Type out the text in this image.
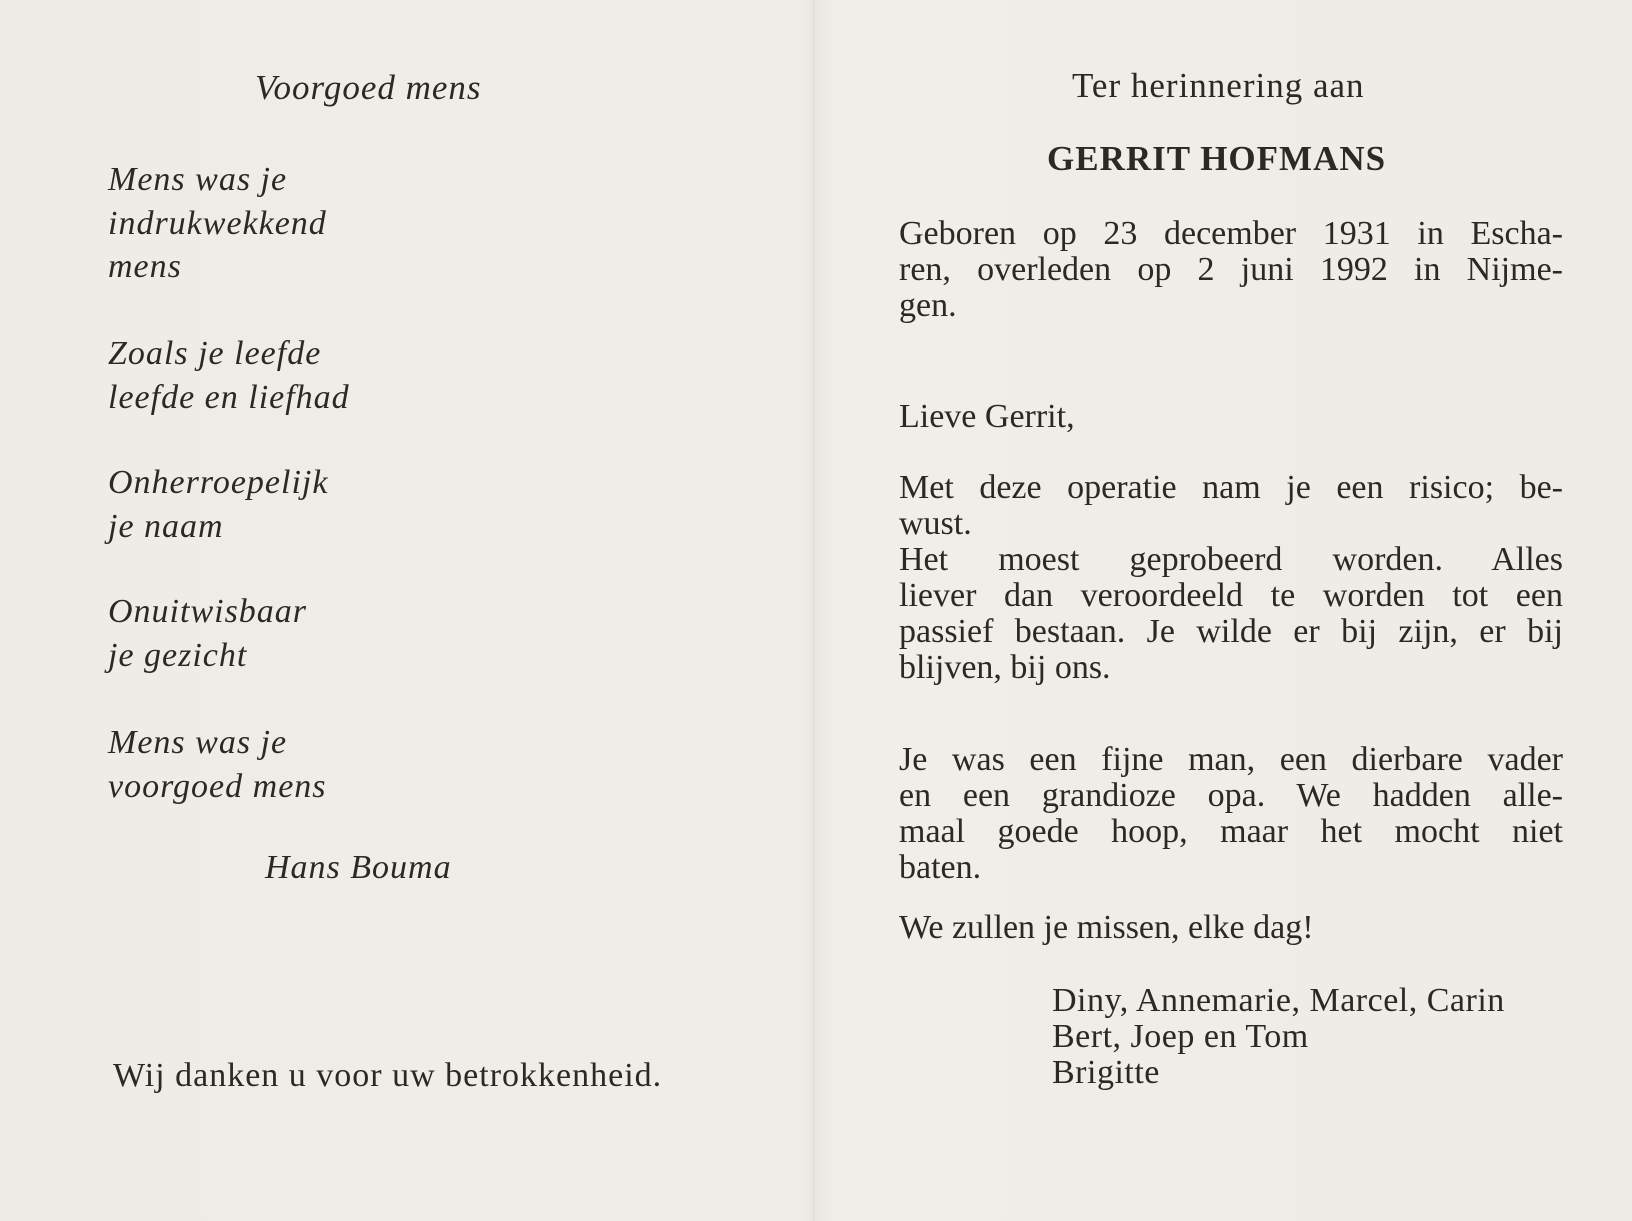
Voorgoed mens
Mens was je
indrukwekkend
mens
Zoals je leefde
leefde en liefhad
Onherroepelijk
je naam
Onuitwisbaar
je gezicht
Mens was je
voorgoed mens
Hans Bouma
Wij danken u voor uw betrokkenheid.
Ter herinnering aan
GERRIT HOFMANS
Geboren op 23 december 1931 in Escha-
ren, overleden op 2 juni 1992 in Nijme-
gen.
Lieve Gerrit,
Met deze operatie nam je een risico; be-
wust.
Het moest geprobeerd worden. Alles
liever dan veroordeeld te worden tot een
passief bestaan. Je wilde er bij zijn, er bij
blijven, bij ons.
Je was een fijne man, een dierbare vader
en een grandioze opa. We hadden alle-
maal goede hoop, maar het mocht niet
baten.
We zullen je missen, elke dag!
Diny, Annemarie, Marcel, Carin
Bert, Joep en Tom
Brigitte
